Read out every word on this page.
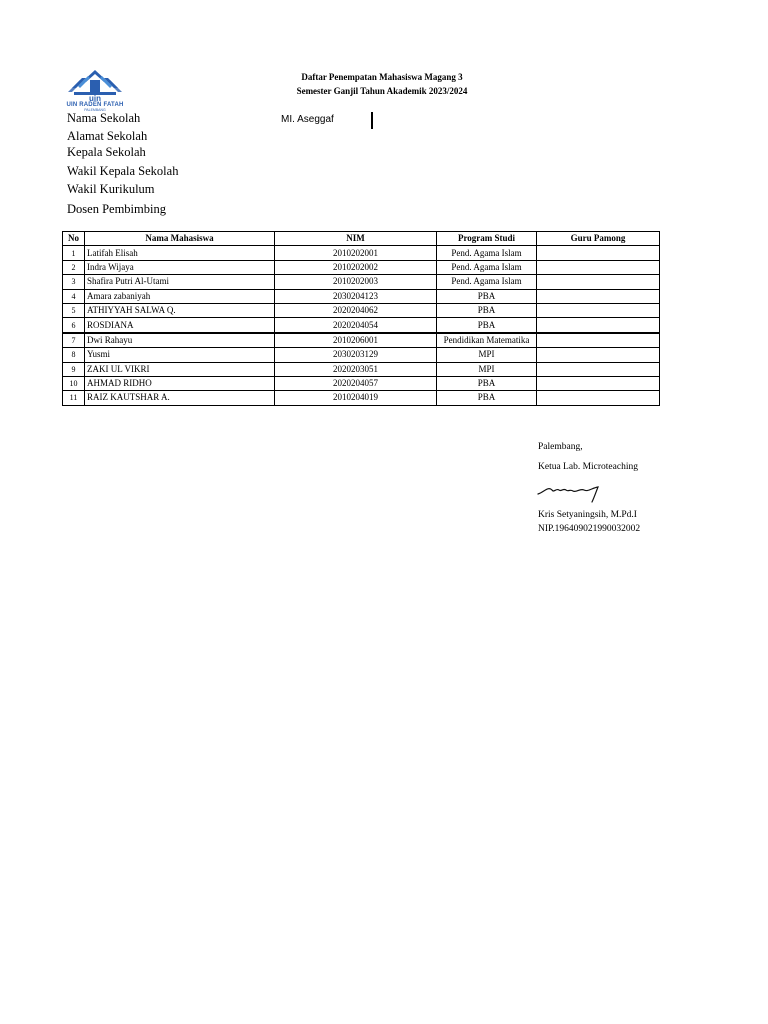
uin
UIN RADEN FATAH
PALEMBANG
Daftar Penempatan Mahasiswa Magang 3
Semester Ganjil Tahun Akademik 2023/2024
Nama Sekolah	MI. Aseggaf
Alamat Sekolah
Kepala Sekolah
Wakil Kepala Sekolah
Wakil Kurikulum
Dosen Pembimbing
No	Nama Mahasiswa	NIM	Program Studi	Guru Pamong
1	Latifah Elisah	2010202001	Pend. Agama Islam	
2	Indra Wijaya	2010202002	Pend. Agama Islam	
3	Shafira Putri Al-Utami	2010202003	Pend. Agama Islam	
4	Amara zabaniyah	2030204123	PBA	
5	ATHIYYAH SALWA Q.	2020204062	PBA	
6	ROSDIANA	2020204054	PBA	
7	Dwi Rahayu	2010206001	Pendidikan Matematika	
8	Yusmi	2030203129	MPI	
9	ZAKI UL VIKRI	2020203051	MPI	
10	AHMAD RIDHO	2020204057	PBA	
11	RAIZ KAUTSHAR A.	2010204019	PBA	
Palembang,
Ketua Lab. Microteaching
Kris Setyaningsih, M.Pd.I
NIP.196409021990032002
